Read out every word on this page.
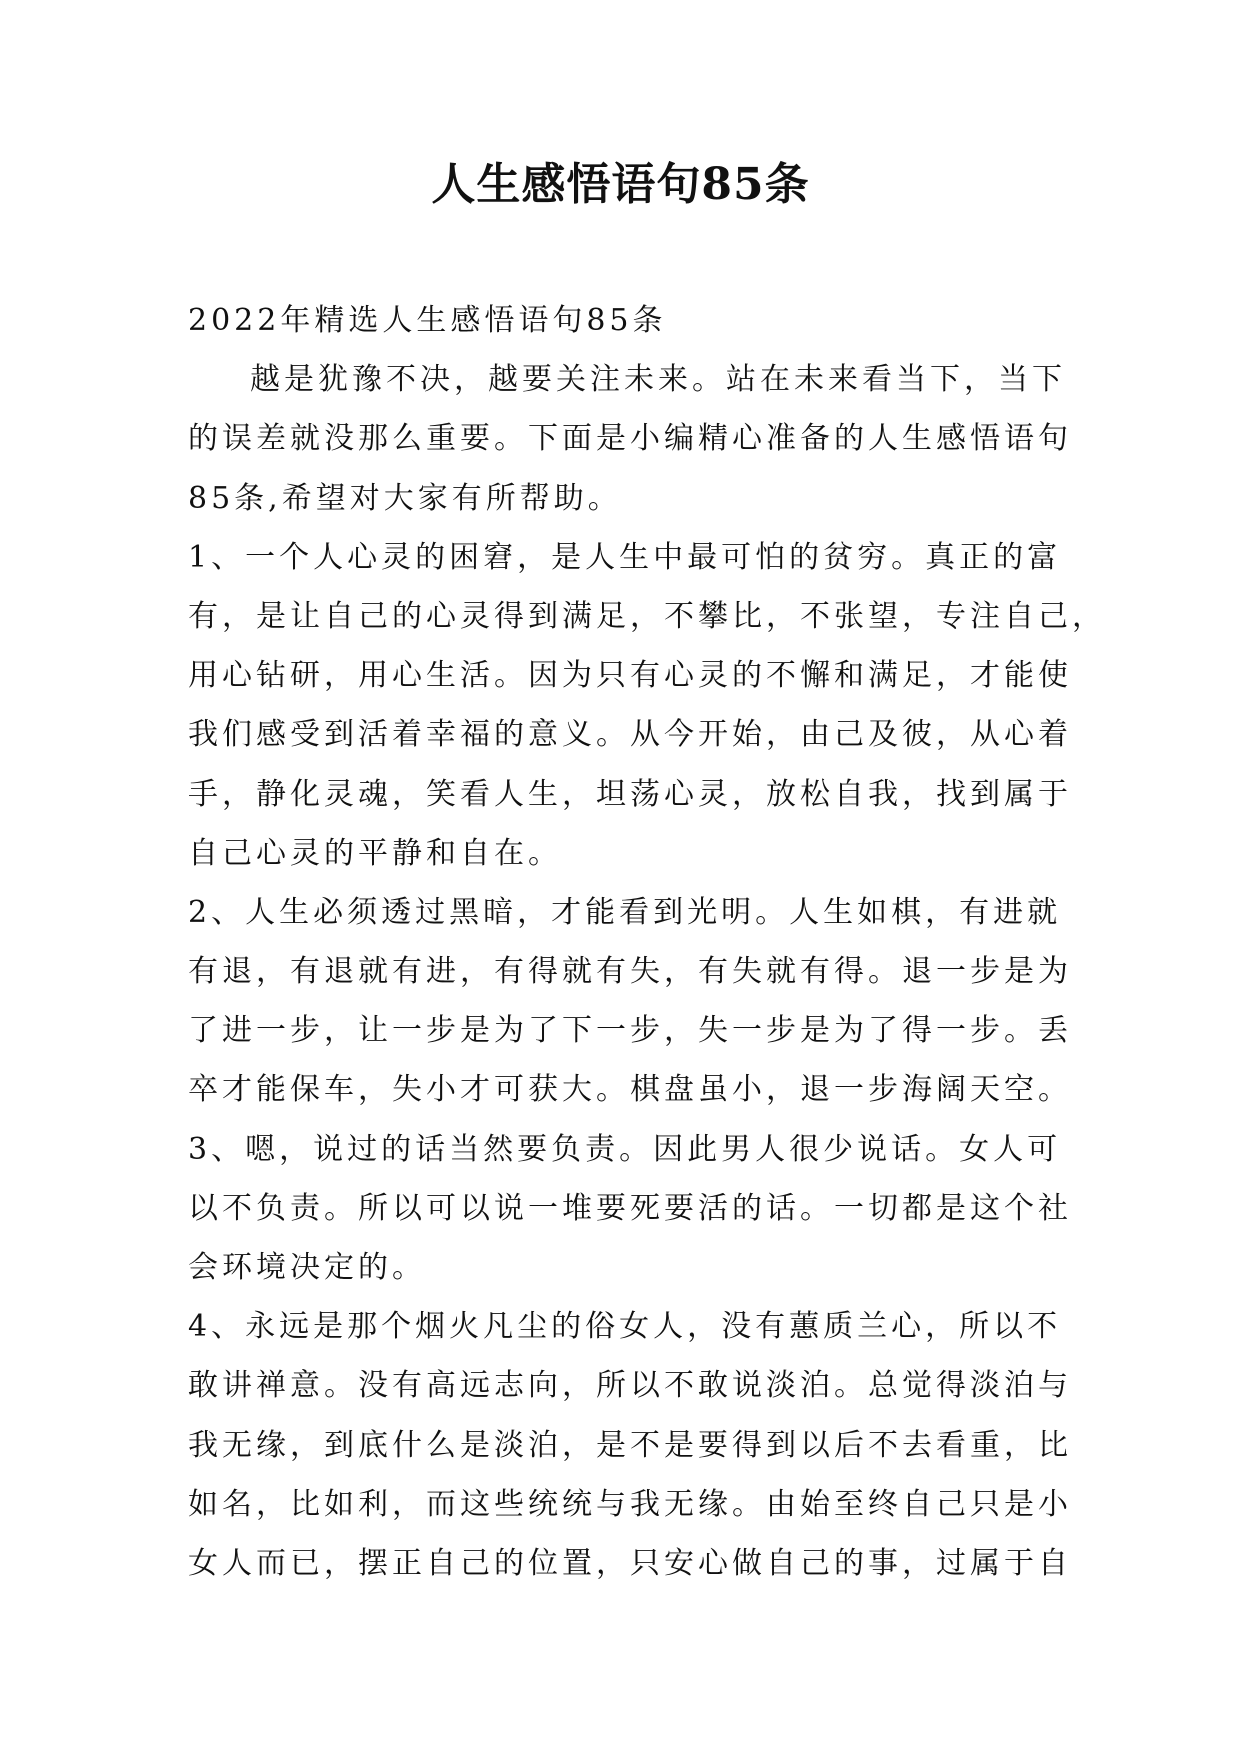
人生感悟语句85条
2022年精选人生感悟语句85条
越是犹豫不决，越要关注未来。站在未来看当下，当下
的误差就没那么重要。下面是小编精心准备的人生感悟语句
85条,希望对大家有所帮助。
1、一个人心灵的困窘，是人生中最可怕的贫穷。真正的富
有，是让自己的心灵得到满足，不攀比，不张望，专注自己，
用心钻研，用心生活。因为只有心灵的不懈和满足，才能使
我们感受到活着幸福的意义。从今开始，由己及彼，从心着
手，静化灵魂，笑看人生，坦荡心灵，放松自我，找到属于
自己心灵的平静和自在。
2、人生必须透过黑暗，才能看到光明。人生如棋，有进就
有退，有退就有进，有得就有失，有失就有得。退一步是为
了进一步，让一步是为了下一步，失一步是为了得一步。丢
卒才能保车，失小才可获大。棋盘虽小，退一步海阔天空。
3、嗯，说过的话当然要负责。因此男人很少说话。女人可
以不负责。所以可以说一堆要死要活的话。一切都是这个社
会环境决定的。
4、永远是那个烟火凡尘的俗女人，没有蕙质兰心，所以不
敢讲禅意。没有高远志向，所以不敢说淡泊。总觉得淡泊与
我无缘，到底什么是淡泊，是不是要得到以后不去看重，比
如名，比如利，而这些统统与我无缘。由始至终自己只是小
女人而已，摆正自己的位置，只安心做自己的事，过属于自
